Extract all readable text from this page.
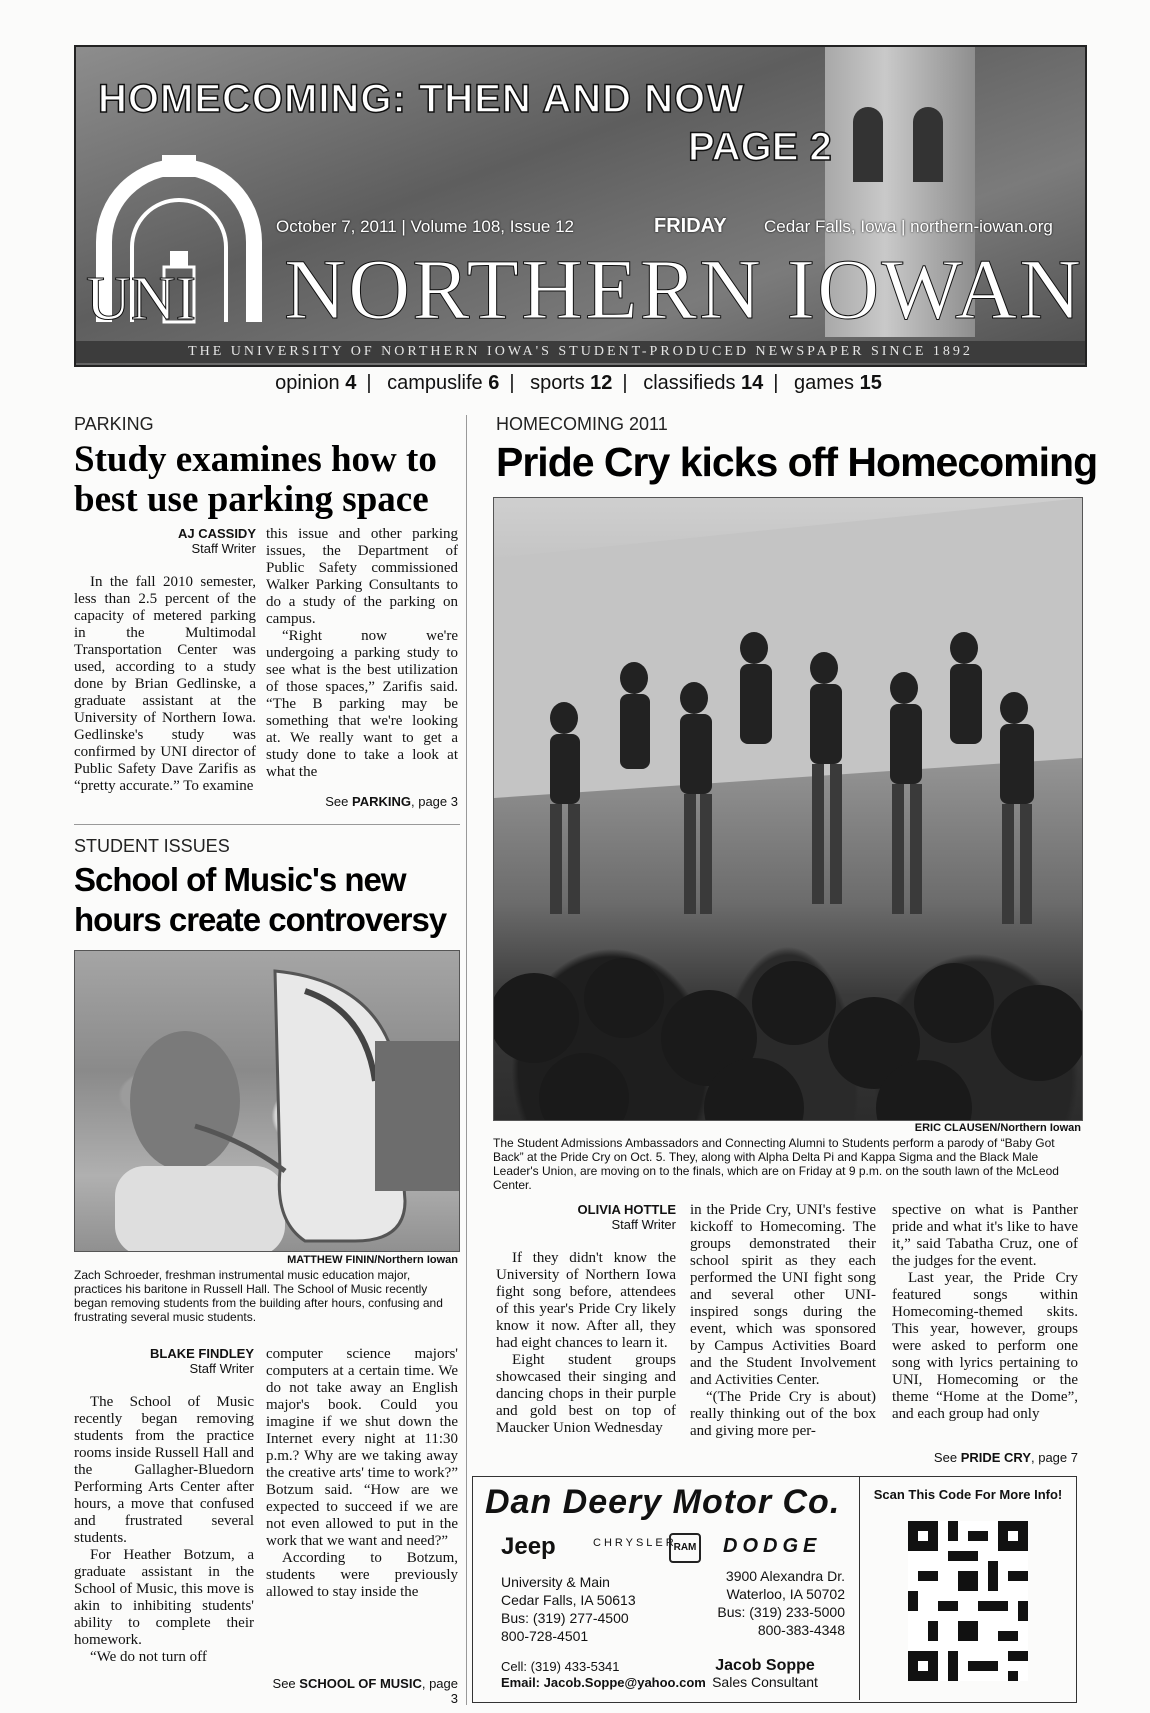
HOMECOMING: THEN AND NOW
PAGE 2
UNI
October 7, 2011 | Volume 108, Issue 12	FRIDAY Cedar Falls, Iowa | northern-iowan.org
NORTHERN IOWAN
THE UNIVERSITY OF NORTHERN IOWA'S STUDENT-PRODUCED NEWSPAPER SINCE 1892
opinion 4 | campuslife 6 | sports 12 | classifieds 14 | games 15
PARKING
Study examines how to best use parking space
AJ CASSIDY
Staff Writer

In the fall 2010 semester, less than 2.5 percent of the capacity of metered parking in the Multimodal Transportation Center was used, according to a study done by Brian Gedlinske, a graduate assistant at the University of Northern Iowa. Gedlinske's study was confirmed by UNI director of Public Safety Dave Zarifis as “pretty accurate.” To examine

this issue and other parking issues, the Department of Public Safety commissioned Walker Parking Consultants to do a study of the parking on campus.

“Right now we're undergoing a parking study to see what is the best utilization of those spaces,” Zarifis said. “The B parking may be something that we're looking at. We really want to get a study done to take a look at what the

See PARKING, page 3
STUDENT ISSUES
School of Music's new hours create controversy
MATTHEW FININ/Northern Iowan
Zach Schroeder, freshman instrumental music education major, practices his baritone in Russell Hall. The School of Music recently began removing students from the building after hours, confusing and frustrating several music students.
BLAKE FINDLEY
Staff Writer

The School of Music recently began removing students from the practice rooms inside Russell Hall and the Gallagher-Bluedorn Performing Arts Center after hours, a move that confused and frustrated several students.

For Heather Botzum, a graduate assistant in the School of Music, this move is akin to inhibiting students' ability to complete their homework.

“We do not turn off

computer science majors' computers at a certain time. We do not take away an English major's book. Could you imagine if we shut down the Internet every night at 11:30 p.m.? Why are we taking away the creative arts' time to work?” Botzum said. “How are we expected to succeed if we are not even allowed to put in the work that we want and need?”

According to Botzum, students were previously allowed to stay inside the

See SCHOOL OF MUSIC, page 3
HOMECOMING 2011
Pride Cry kicks off Homecoming
ERIC CLAUSEN/Northern Iowan
The Student Admissions Ambassadors and Connecting Alumni to Students perform a parody of “Baby Got Back” at the Pride Cry on Oct. 5. They, along with Alpha Delta Pi and Kappa Sigma and the Black Male Leader's Union, are moving on to the finals, which are on Friday at 9 p.m. on the south lawn of the McLeod Center.
OLIVIA HOTTLE
Staff Writer

If they didn't know the University of Northern Iowa fight song before, attendees of this year's Pride Cry likely know it now. After all, they had eight chances to learn it.

Eight student groups showcased their singing and dancing chops in their purple and gold best on top of Maucker Union Wednesday

in the Pride Cry, UNI's festive kickoff to Homecoming. The groups demonstrated their school spirit as they each performed the UNI fight song and several other UNI-inspired songs during the event, which was sponsored by Campus Activities Board and the Student Involvement and Activities Center.

“(The Pride Cry is about) really thinking out of the box and giving more per-

spective on what is Panther pride and what it's like to have it,” said Tabatha Cruz, one of the judges for the event.

Last year, the Pride Cry featured songs within Homecoming-themed skits. This year, however, groups were asked to perform one song with lyrics pertaining to UNI, Homecoming or the theme “Home at the Dome”, and each group had only

See PRIDE CRY, page 7
Dan Deery Motor Co.
Jeep	CHRYSLER
RAM DODGE
University & Main
Cedar Falls, IA 50613
Bus: (319) 277-4500
800-728-4501
3900 Alexandra Dr.
Waterloo, IA 50702
Bus: (319) 233-5000
800-383-4348
Cell: (319) 433-5341
Email: Jacob.Soppe@yahoo.com
Jacob Soppe
Sales Consultant
Scan This Code For More Info!
